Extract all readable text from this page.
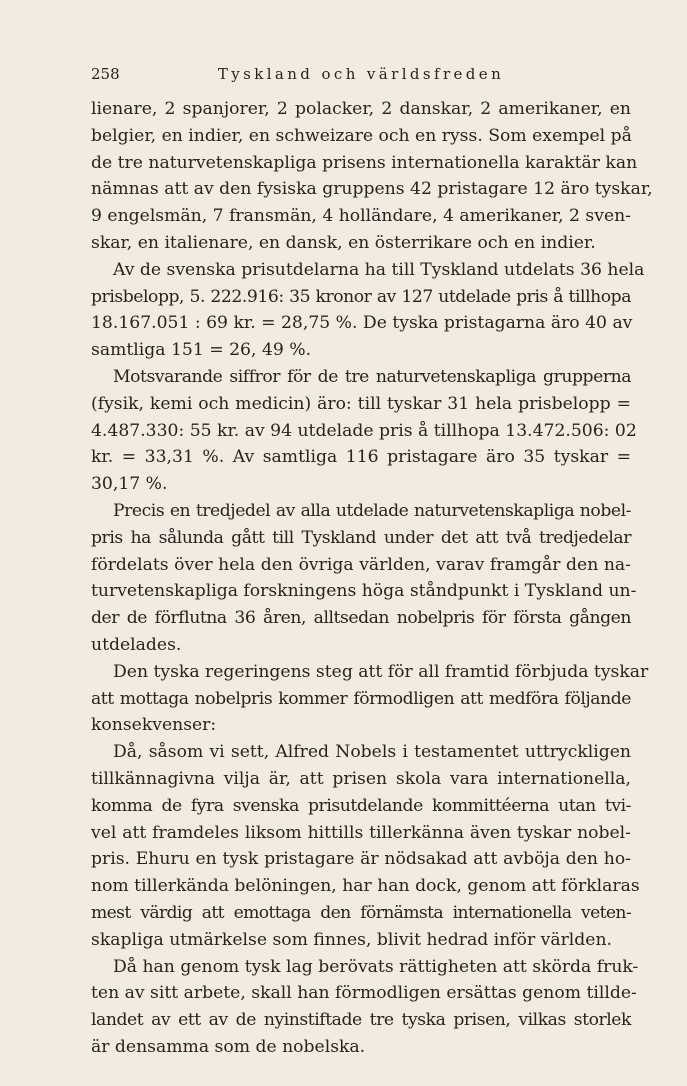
258	Tyskland och världsfreden
lienare, 2 spanjorer, 2 polacker, 2 danskar, 2 amerikaner, en
belgier, en indier, en schweizare och en ryss. Som exempel på
de tre naturvetenskapliga prisens internationella karaktär kan
nämnas att av den fysiska gruppens 42 pristagare 12 äro tyskar,
9 engelsmän, 7 fransmän, 4 holländare, 4 amerikaner, 2 sven-
skar, en italienare, en dansk, en österrikare och en indier.
Av de svenska prisutdelarna ha till Tyskland utdelats 36 hela
prisbelopp, 5. 222.916: 35 kronor av 127 utdelade pris å tillhopa
18.167.051 : 69 kr. = 28,75 %. De tyska pristagarna äro 40 av
samtliga 151 = 26, 49 %.
Motsvarande siffror för de tre naturvetenskapliga grupperna
(fysik, kemi och medicin) äro: till tyskar 31 hela prisbelopp =
4.487.330: 55 kr. av 94 utdelade pris å tillhopa 13.472.506: 02
kr. = 33,31 %. Av samtliga 116 pristagare äro 35 tyskar =
30,17 %.
Precis en tredjedel av alla utdelade naturvetenskapliga nobel-
pris ha sålunda gått till Tyskland under det att två tredjedelar
fördelats över hela den övriga världen, varav framgår den na-
turvetenskapliga forskningens höga ståndpunkt i Tyskland un-
der de förflutna 36 åren, alltsedan nobelpris för första gången
utdelades.
Den tyska regeringens steg att för all framtid förbjuda tyskar
att mottaga nobelpris kommer förmodligen att medföra följande
konsekvenser:
Då, såsom vi sett, Alfred Nobels i testamentet uttryckligen
tillkännagivna vilja är, att prisen skola vara internationella,
komma de fyra svenska prisutdelande kommittéerna utan tvi-
vel att framdeles liksom hittills tillerkänna även tyskar nobel-
pris. Ehuru en tysk pristagare är nödsakad att avböja den ho-
nom tillerkända belöningen, har han dock, genom att förklaras
mest värdig att emottaga den förnämsta internationella veten-
skapliga utmärkelse som finnes, blivit hedrad inför världen.
Då han genom tysk lag berövats rättigheten att skörda fruk-
ten av sitt arbete, skall han förmodligen ersättas genom tillde-
landet av ett av de nyinstiftade tre tyska prisen, vilkas storlek
är densamma som de nobelska.
